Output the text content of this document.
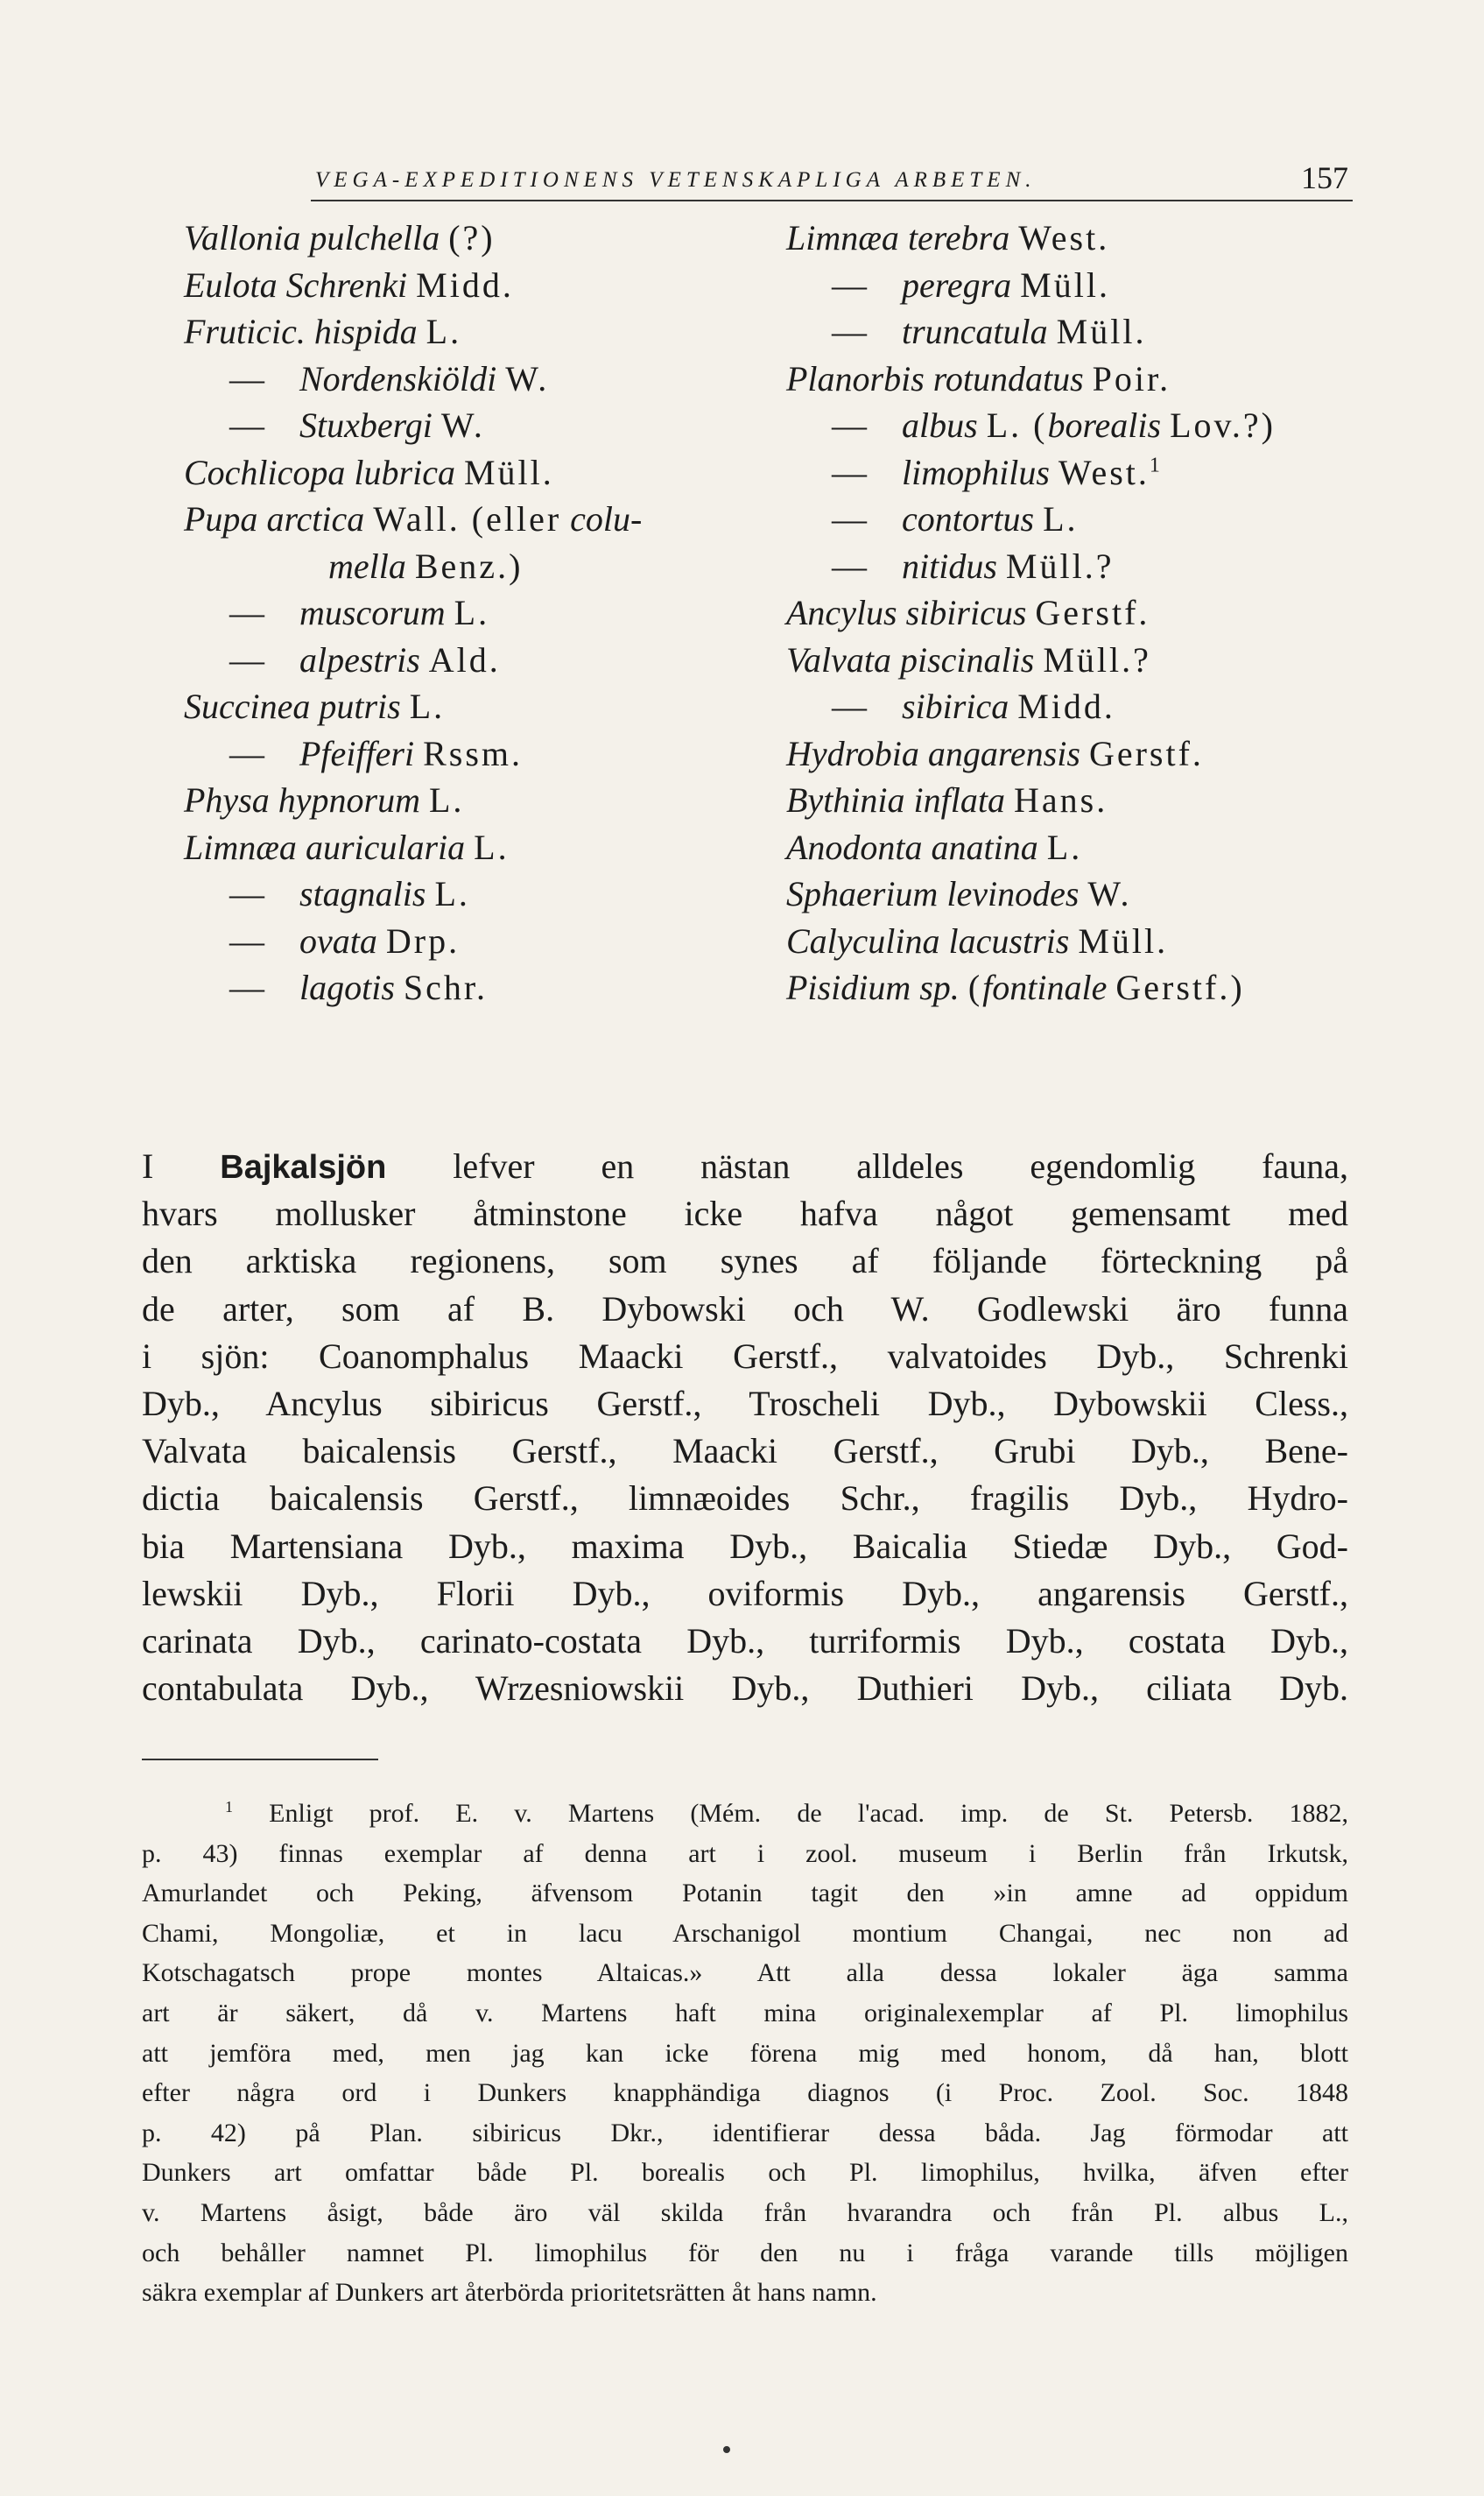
VEGA-EXPEDITIONENS VETENSKAPLIGA ARBETEN.	157
Vallonia pulchella (?)
Eulota Schrenki Midd.
Fruticic. hispida L.
— Nordenskiöldi W.
— Stuxbergi W.
Cochlicopa lubrica Müll.
Pupa arctica Wall. (eller colu-
mella Benz.)
— muscorum L.
— alpestris Ald.
Succinea putris L.
— Pfeifferi Rssm.
Physa hypnorum L.
Limnæa auricularia L.
— stagnalis L.
— ovata Drp.
— lagotis Schr.
Limnæa terebra West.
— peregra Müll.
— truncatula Müll.
Planorbis rotundatus Poir.
— albus L. (borealis Lov.?)
— limophilus West.$^1$
— contortus L.
— nitidus Müll.?
Ancylus sibiricus Gerstf.
Valvata piscinalis Müll.?
— sibirica Midd.
Hydrobia angarensis Gerstf.
Bythinia inflata Hans.
Anodonta anatina L.
Sphaerium levinodes W.
Calyculina lacustris Müll.
Pisidium sp. (fontinale Gerstf.)
I Bajkalsjön lefver en nästan alldeles egendomlig fauna,
hvars mollusker åtminstone icke hafva något gemensamt med
den arktiska regionens, som synes af följande förteckning på
de arter, som af B. Dybowski och W. Godlewski äro funna
i sjön: Coanomphalus Maacki Gerstf., valvatoides Dyb., Schrenki
Dyb., Ancylus sibiricus Gerstf., Troscheli Dyb., Dybowskii Cless.,
Valvata baicalensis Gerstf., Maacki Gerstf., Grubi Dyb., Bene-
dictia baicalensis Gerstf., limnæoides Schr., fragilis Dyb., Hydro-
bia Martensiana Dyb., maxima Dyb., Baicalia Stiedæ Dyb., God-
lewskii Dyb., Florii Dyb., oviformis Dyb., angarensis Gerstf.,
carinata Dyb., carinato-costata Dyb., turriformis Dyb., costata Dyb.,
contabulata Dyb., Wrzesniowskii Dyb., Duthieri Dyb., ciliata Dyb.
$^1$ Enligt prof. E. v. Martens (Mém. de l'acad. imp. de St. Petersb. 1882,
p. 43) finnas exemplar af denna art i zool. museum i Berlin från Irkutsk,
Amurlandet och Peking, äfvensom Potanin tagit den »in amne ad oppidum
Chami, Mongoliæ, et in lacu Arschanigol montium Changai, nec non ad
Kotschagatsch prope montes Altaicas.» Att alla dessa lokaler äga samma
art är säkert, då v. Martens haft mina originalexemplar af Pl. limophilus
att jemföra med, men jag kan icke förena mig med honom, då han, blott
efter några ord i Dunkers knapphändiga diagnos (i Proc. Zool. Soc. 1848
p. 42) på Plan. sibiricus Dkr., identifierar dessa båda. Jag förmodar att
Dunkers art omfattar både Pl. borealis och Pl. limophilus, hvilka, äfven efter
v. Martens åsigt, både äro väl skilda från hvarandra och från Pl. albus L.,
och behåller namnet Pl. limophilus för den nu i fråga varande tills möjligen
säkra exemplar af Dunkers art återbörda prioritetsrätten åt hans namn.
